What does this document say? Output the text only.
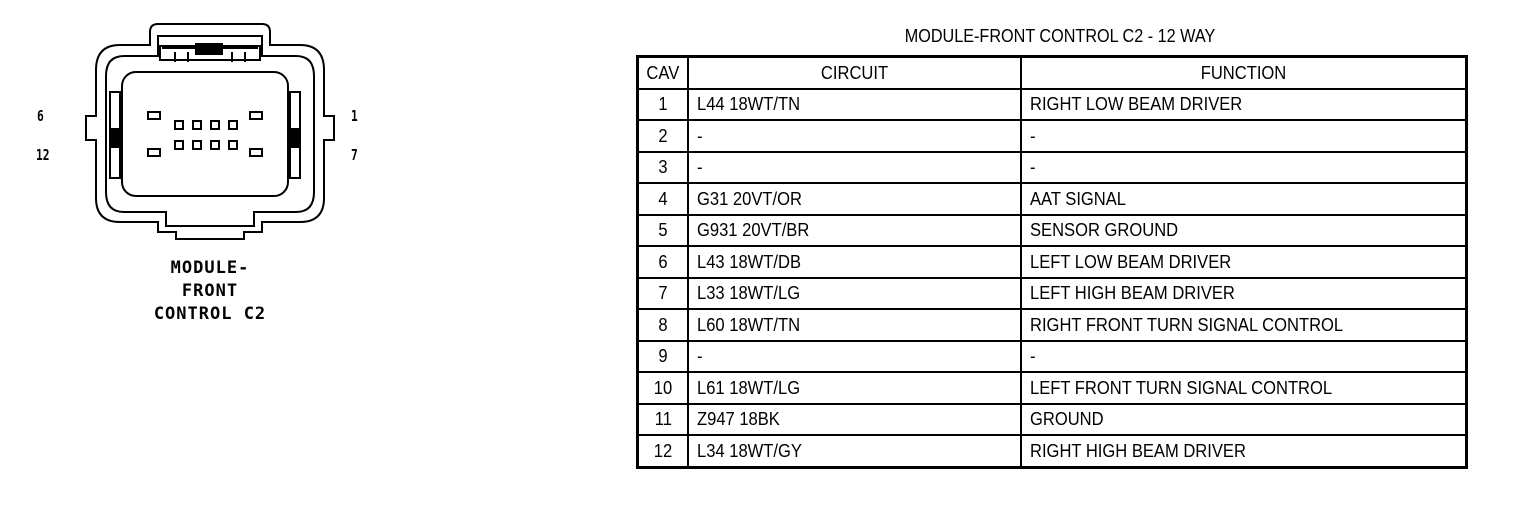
6
12
1
7
MODULE-
FRONT
CONTROL C2
MODULE-FRONT CONTROL C2 - 12 WAY
CAV	CIRCUIT	FUNCTION
1	L44 18WT/TN	RIGHT LOW BEAM DRIVER
2	-	-
3	-	-
4	G31 20VT/OR	AAT SIGNAL
5	G931 20VT/BR	SENSOR GROUND
6	L43 18WT/DB	LEFT LOW BEAM DRIVER
7	L33 18WT/LG	LEFT HIGH BEAM DRIVER
8	L60 18WT/TN	RIGHT FRONT TURN SIGNAL CONTROL
9	-	-
10	L61 18WT/LG	LEFT FRONT TURN SIGNAL CONTROL
11	Z947 18BK	GROUND
12	L34 18WT/GY	RIGHT HIGH BEAM DRIVER
